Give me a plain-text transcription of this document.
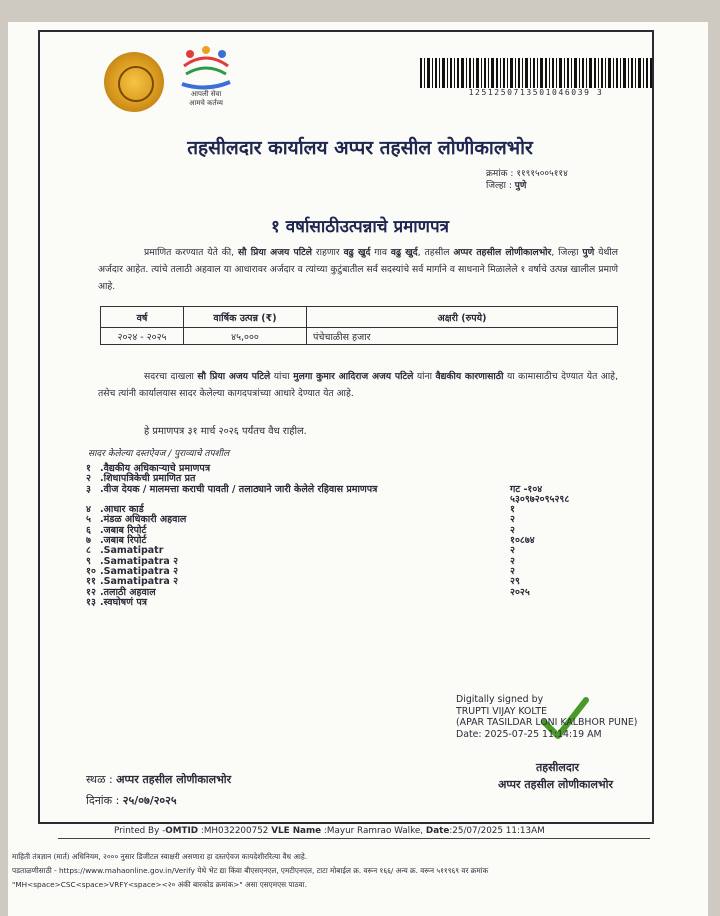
आपली सेवा
आमचे कर्तव्य
1251250713501046039 3
तहसीलदार कार्यालय अप्पर तहसील लोणीकालभोर
क्रमांक : ११९१५००५११४
जिल्हा : पुणे
१ वर्षासाठीउत्पन्नाचे प्रमाणपत्र
प्रमाणित करण्यात येते की, सौ प्रिया अजय पटिले राहणार वढु खुर्द गाव वढु खुर्द, तहसील अप्पर तहसील लोणीकालभोर, जिल्हा पुणे येथील अर्जदार आहेत. त्यांचे तलाठी अहवाल या आधारावर अर्जदार व त्यांच्या कुटुंबातील सर्व सदस्यांचे सर्व मार्गाने व साधनाने मिळालेले १ वर्षाचे उत्पन्न खालील प्रमाणे आहे.
वर्ष	वार्षिक उत्पन्न (₹)	अक्षरी (रुपये)
२०२४ - २०२५	४५,०००	पंचेचाळीस हजार
सदरचा दाखला सौ प्रिया अजय पटिले यांचा मुलगा कुमार आदिराज अजय पटिले यांना वैद्यकीय कारणासाठी या कामासाठीच देण्यात येत आहे, तसेच त्यांनी कार्यालयास सादर केलेल्या कागदपत्रांच्या आधारे देण्यात येत आहे.
हे प्रमाणपत्र ३१ मार्च २०२६ पर्यंतच वैध राहील.
सादर केलेल्या दस्तऐवज / पुराव्याचे तपशील
१ .वैद्यकीय अधिकाऱ्याचे प्रमाणपत्र
२ .शिधापत्रिकेची प्रमाणित प्रत
३ .वीज देयक / मालमत्ता कराची पावती / तलाठ्याने जारी केलेले रहिवास प्रमाणपत्र	गट -१०४
५३०९७२०९५२९८
४ .आधार कार्ड	१
५ .मंडळ अधिकारी अहवाल	२
६ .जबाब रिपोर्ट	२
७ .जबाब रिपोर्ट	१०८७४
८ .Samatipatr	२
९ .Samatipatra २	२
१० .Samatipatra २	२
११ .Samatipatra २	२९
१२ .तलाठी अहवाल	२०२५
१३ .स्वघोषणं पत्र
Digitally signed by
TRUPTI VIJAY KOLTE
(APAR TASILDAR LONI KALBHOR PUNE)
Date: 2025-07-25 11:14:19 AM
तहसीलदार
अप्पर तहसील लोणीकालभोर
स्थळ : अप्पर तहसील लोणीकालभोर
दिनांक : २५/०७/२०२५
Printed By -OMTID :MH032200752 VLE Name :Mayur Ramrao Walke, Date:25/07/2025 11:13AM
माहिती तंत्रज्ञान (मार्त) अधिनियम, २००० नुसार डिजीटल स्वाक्षरी असणारा हा दस्तऐवज कायदेशीररित्या वैध आहे.
पडताळणीसाठी - https://www.mahaonline.gov.in/Verify येथे भेट द्या किंवा बीएसएनएल, एमटीएनएल, टाटा मोबाईल क्र. वरून १६६/ अन्य क्र. वरून ५११९६९ वर क्रमांक
"MH<space>CSC<space>VRFY<space><२० अंकी बारकोड क्रमांक>" असा एसएमएस पाठवा.
